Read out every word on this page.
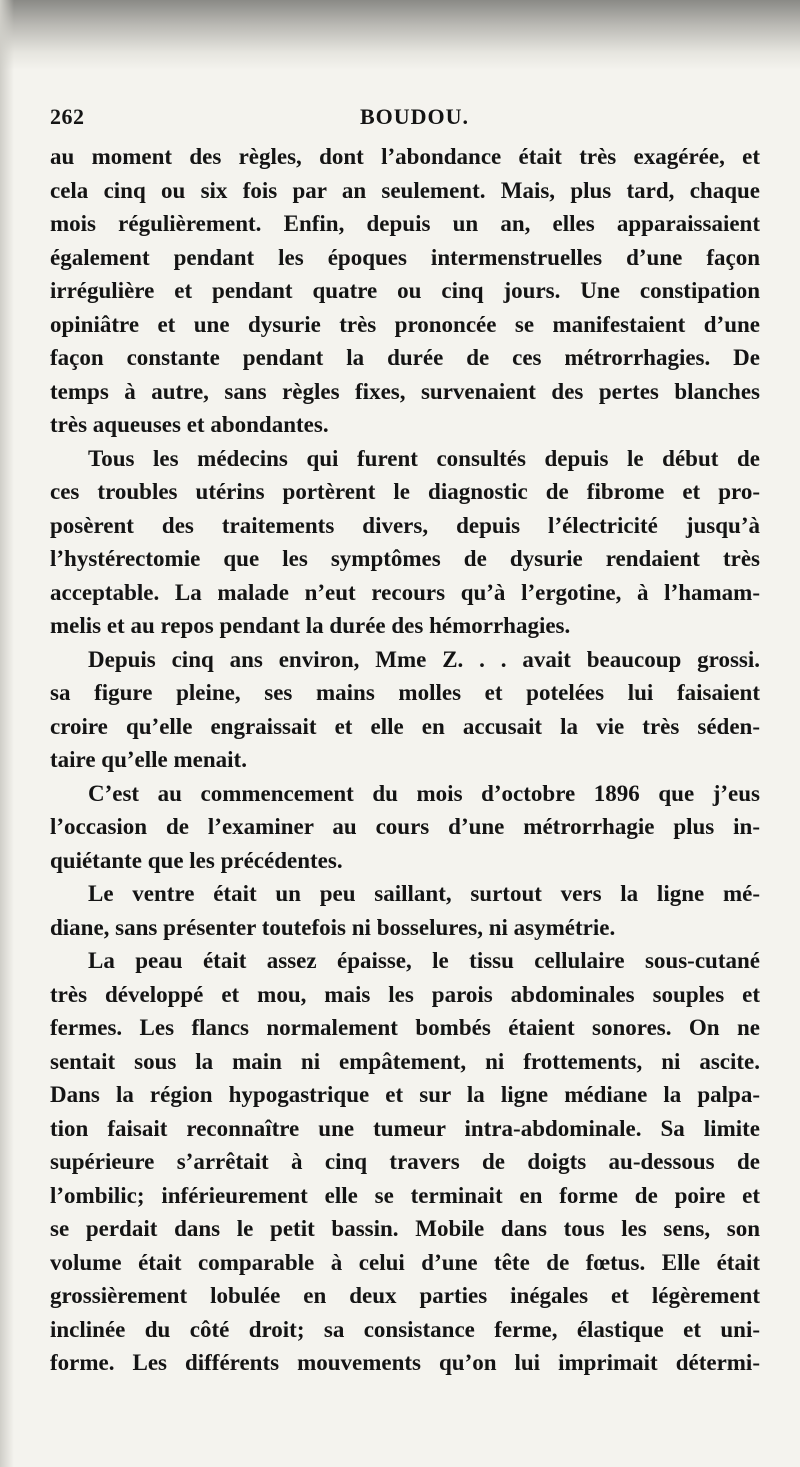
262	BOUDOU.
au moment des règles, dont l’abondance était très exagérée, et
cela cinq ou six fois par an seulement. Mais, plus tard, chaque
mois régulièrement. Enfin, depuis un an, elles apparaissaient
également pendant les époques intermenstruelles d’une façon
irrégulière et pendant quatre ou cinq jours. Une constipation
opiniâtre et une dysurie très prononcée se manifestaient d’une
façon constante pendant la durée de ces métrorrhagies. De
temps à autre, sans règles fixes, survenaient des pertes blanches
très aqueuses et abondantes.
Tous les médecins qui furent consultés depuis le début de
ces troubles utérins portèrent le diagnostic de fibrome et pro-
posèrent des traitements divers, depuis l’électricité jusqu’à
l’hystérectomie que les symptômes de dysurie rendaient très
acceptable. La malade n’eut recours qu’à l’ergotine, à l’hamam-
melis et au repos pendant la durée des hémorrhagies.
Depuis cinq ans environ, Mme Z. . . avait beaucoup grossi.
sa figure pleine, ses mains molles et potelées lui faisaient
croire qu’elle engraissait et elle en accusait la vie très séden-
taire qu’elle menait.
C’est au commencement du mois d’octobre 1896 que j’eus
l’occasion de l’examiner au cours d’une métrorrhagie plus in-
quiétante que les précédentes.
Le ventre était un peu saillant, surtout vers la ligne mé-
diane, sans présenter toutefois ni bosselures, ni asymétrie.
La peau était assez épaisse, le tissu cellulaire sous-cutané
très développé et mou, mais les parois abdominales souples et
fermes. Les flancs normalement bombés étaient sonores. On ne
sentait sous la main ni empâtement, ni frottements, ni ascite.
Dans la région hypogastrique et sur la ligne médiane la palpa-
tion faisait reconnaître une tumeur intra-abdominale. Sa limite
supérieure s’arrêtait à cinq travers de doigts au-dessous de
l’ombilic; inférieurement elle se terminait en forme de poire et
se perdait dans le petit bassin. Mobile dans tous les sens, son
volume était comparable à celui d’une tête de fœtus. Elle était
grossièrement lobulée en deux parties inégales et légèrement
inclinée du côté droit; sa consistance ferme, élastique et uni-
forme. Les différents mouvements qu’on lui imprimait détermi-
